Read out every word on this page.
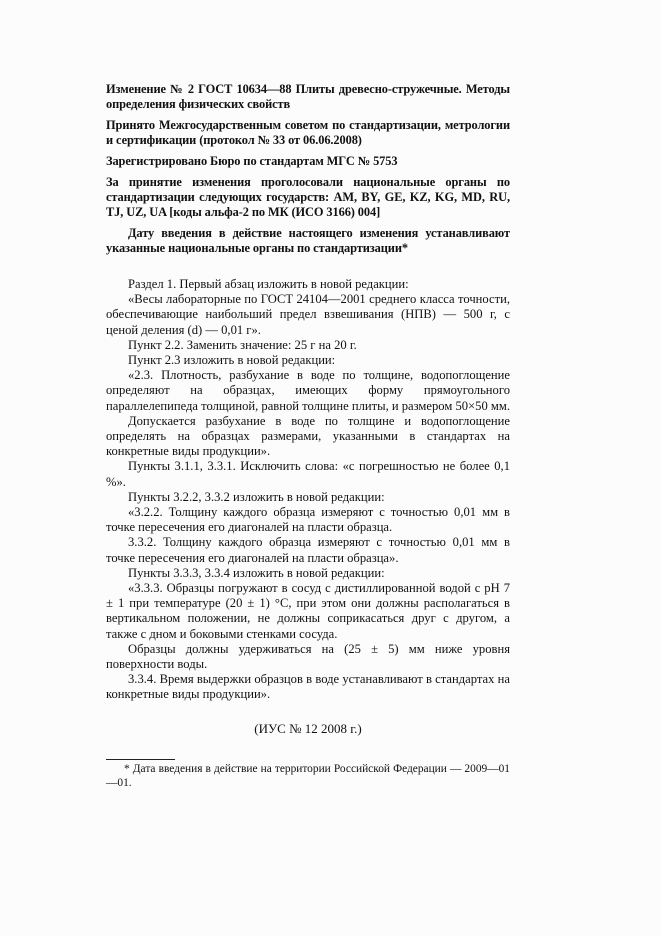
Изменение № 2 ГОСТ 10634—88 Плиты древесно-стружечные. Методы определения физических свойств

Принято Межгосударственным советом по стандартизации, метрологии и сертификации (протокол № 33 от 06.06.2008)

Зарегистрировано Бюро по стандартам МГС № 5753

За принятие изменения проголосовали национальные органы по стандартизации следующих государств: AM, BY, GE, KZ, KG, MD, RU, TJ, UZ, UA [коды альфа-2 по МК (ИСО 3166) 004]

Дату введения в действие настоящего изменения устанавливают указанные национальные органы по стандартизации*

Раздел 1. Первый абзац изложить в новой редакции:

«Весы лабораторные по ГОСТ 24104—2001 среднего класса точности, обеспечивающие наибольший предел взвешивания (НПВ) — 500 г, с ценой деления (d) — 0,01 г».

Пункт 2.2. Заменить значение: 25 г на 20 г.

Пункт 2.3 изложить в новой редакции:

«2.3. Плотность, разбухание в воде по толщине, водопоглощение определяют на образцах, имеющих форму прямоугольного параллелепипеда толщиной, равной толщине плиты, и размером 50×50 мм.

Допускается разбухание в воде по толщине и водопоглощение определять на образцах размерами, указанными в стандартах на конкретные виды продукции».

Пункты 3.1.1, 3.3.1. Исключить слова: «с погрешностью не более 0,1 %».

Пункты 3.2.2, 3.3.2 изложить в новой редакции:

«3.2.2. Толщину каждого образца измеряют с точностью 0,01 мм в точке пересечения его диагоналей на пласти образца.

3.3.2. Толщину каждого образца измеряют с точностью 0,01 мм в точке пересечения его диагоналей на пласти образца».

Пункты 3.3.3, 3.3.4 изложить в новой редакции:

«3.3.3. Образцы погружают в сосуд с дистиллированной водой с pH 7 ± 1 при температуре (20 ± 1) °С, при этом они должны располагаться в вертикальном положении, не должны соприкасаться друг с другом, а также с дном и боковыми стенками сосуда.

Образцы должны удерживаться на (25 ± 5) мм ниже уровня поверхности воды.

3.3.4. Время выдержки образцов в воде устанавливают в стандартах на конкретные виды продукции».

(ИУС № 12 2008 г.)

* Дата введения в действие на территории Российской Федерации — 2009—01—01.
